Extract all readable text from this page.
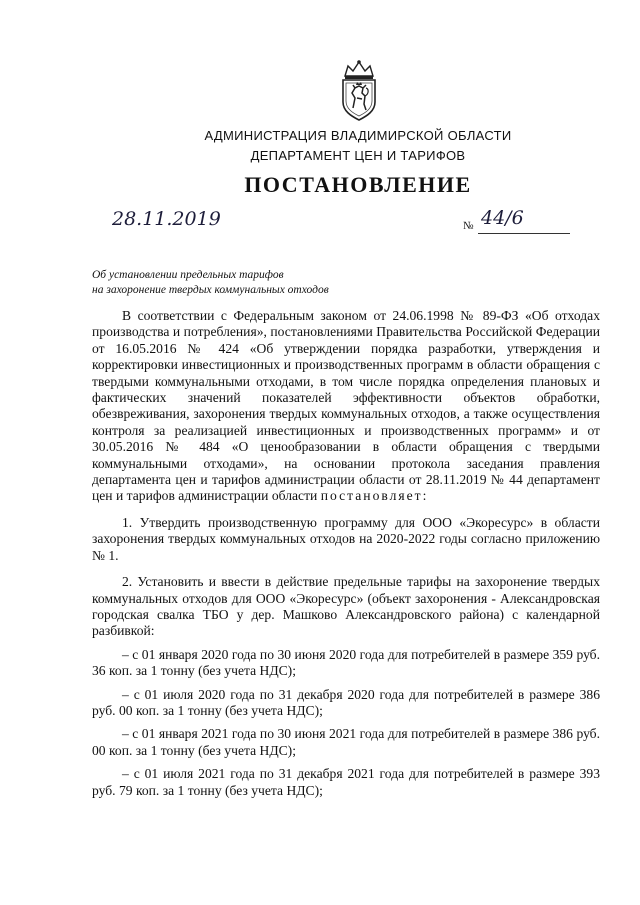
АДМИНИСТРАЦИЯ ВЛАДИМИРСКОЙ ОБЛАСТИ
ДЕПАРТАМЕНТ ЦЕН И ТАРИФОВ
ПОСТАНОВЛЕНИЕ
28.11.2019	№ 44/6
Об установлении предельных тарифов
на захоронение твердых коммунальных отходов

В соответствии с Федеральным законом от 24.06.1998 № 89-ФЗ «Об отходах производства и потребления», постановлениями Правительства Российской Федерации от 16.05.2016 № 424 «Об утверждении порядка разработки, утверждения и корректировки инвестиционных и производственных программ в области обращения с твердыми коммунальными отходами, в том числе порядка определения плановых и фактических значений показателей эффективности объектов обработки, обезвреживания, захоронения твердых коммунальных отходов, а также осуществления контроля за реализацией инвестиционных и производственных программ» и от 30.05.2016 № 484 «О ценообразовании в области обращения с твердыми коммунальными отходами», на основании протокола заседания правления департамента цен и тарифов администрации области от 28.11.2019 № 44 департамент цен и тарифов администрации области постановляет:

1. Утвердить производственную программу для ООО «Экоресурс» в области захоронения твердых коммунальных отходов на 2020-2022 годы согласно приложению № 1.

2. Установить и ввести в действие предельные тарифы на захоронение твердых коммунальных отходов для ООО «Экоресурс» (объект захоронения - Александровская городская свалка ТБО у дер. Машково Александровского района) с календарной разбивкой:

– с 01 января 2020 года по 30 июня 2020 года для потребителей в размере 359 руб. 36 коп. за 1 тонну (без учета НДС);

– с 01 июля 2020 года по 31 декабря 2020 года для потребителей в размере 386 руб. 00 коп. за 1 тонну (без учета НДС);

– с 01 января 2021 года по 30 июня 2021 года для потребителей в размере 386 руб. 00 коп. за 1 тонну (без учета НДС);

– с 01 июля 2021 года по 31 декабря 2021 года для потребителей в размере 393 руб. 79 коп. за 1 тонну (без учета НДС);
